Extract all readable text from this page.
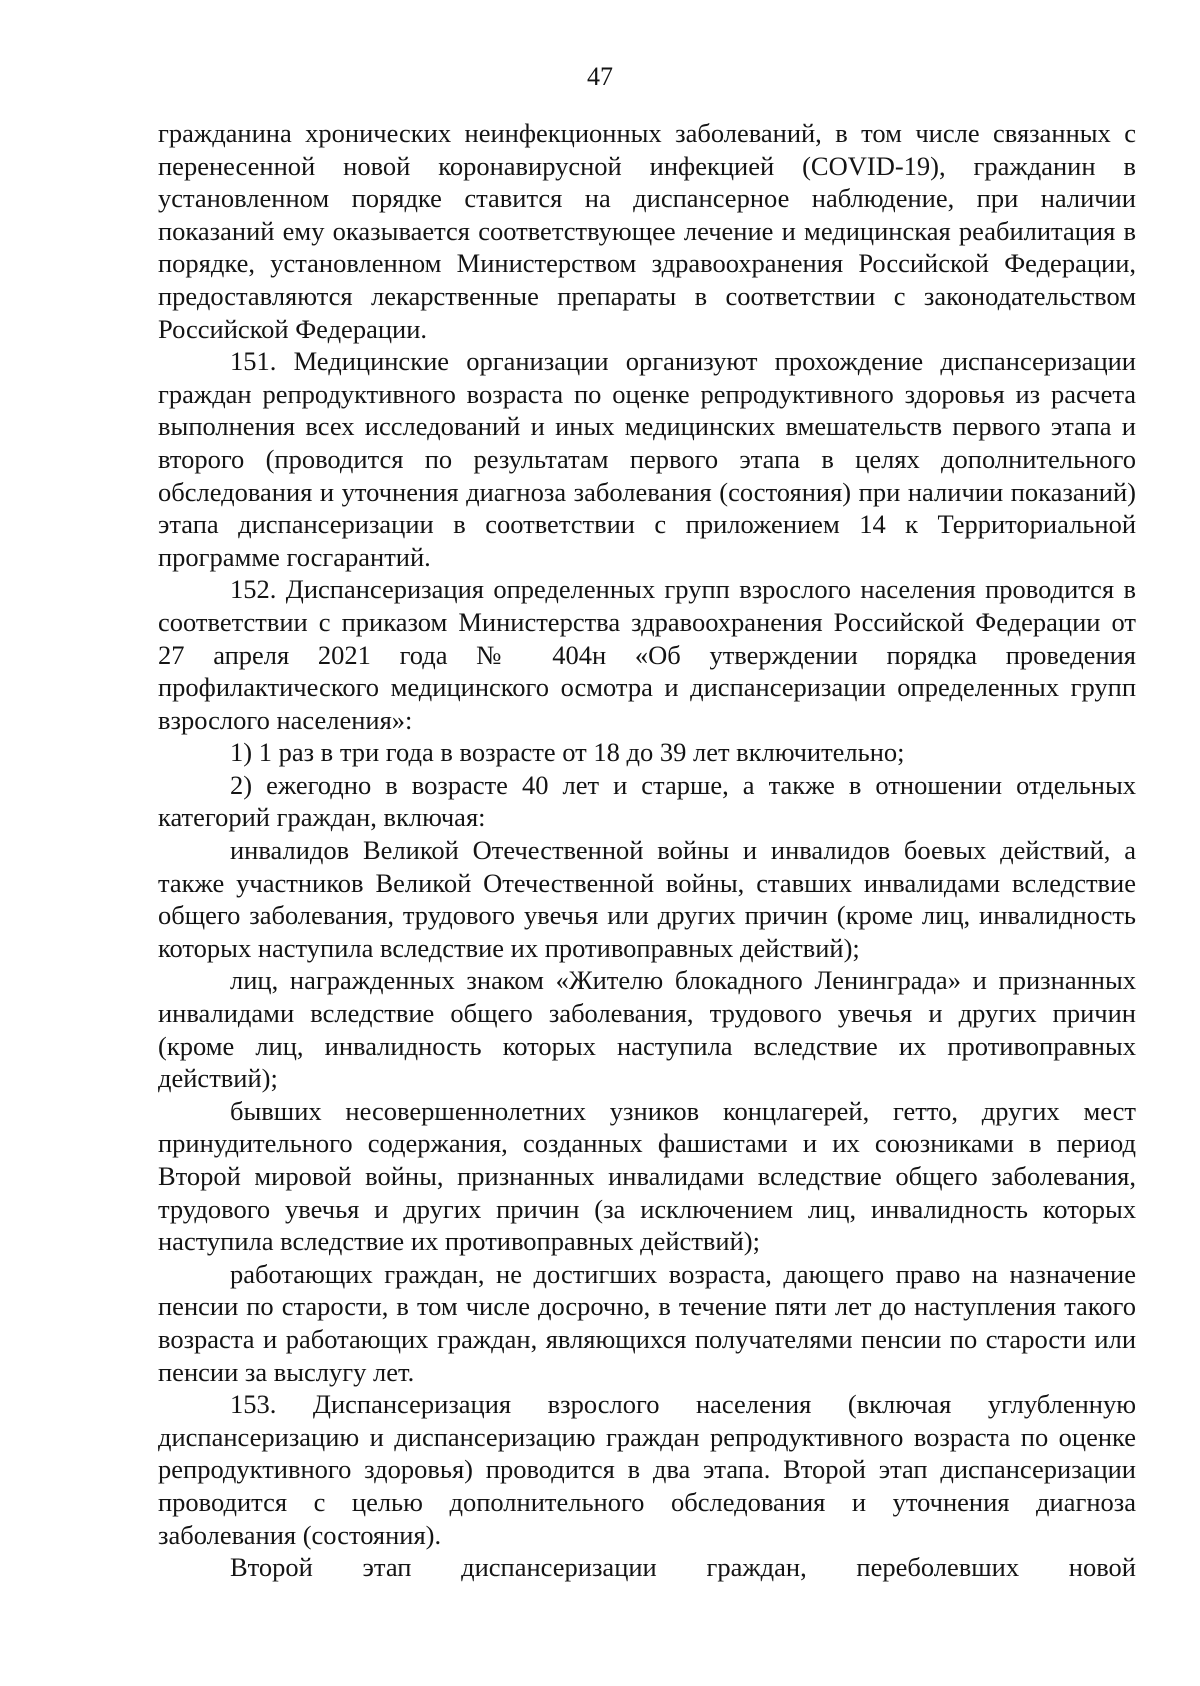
47

гражданина хронических неинфекционных заболеваний, в том числе связанных с перенесенной новой коронавирусной инфекцией (COVID-19), гражданин в установленном порядке ставится на диспансерное наблюдение, при наличии показаний ему оказывается соответствующее лечение и медицинская реабилитация в порядке, установленном Министерством здравоохранения Российской Федерации, предоставляются лекарственные препараты в соответствии с законодательством Российской Федерации.

151. Медицинские организации организуют прохождение диспансеризации граждан репродуктивного возраста по оценке репродуктивного здоровья из расчета выполнения всех исследований и иных медицинских вмешательств первого этапа и второго (проводится по результатам первого этапа в целях дополнительного обследования и уточнения диагноза заболевания (состояния) при наличии показаний) этапа диспансеризации в соответствии с приложением 14 к Территориальной программе госгарантий.

152. Диспансеризация определенных групп взрослого населения проводится в соответствии с приказом Министерства здравоохранения Российской Федерации от 27 апреля 2021 года № 404н «Об утверждении порядка проведения профилактического медицинского осмотра и диспансеризации определенных групп взрослого населения»:

1) 1 раз в три года в возрасте от 18 до 39 лет включительно;

2) ежегодно в возрасте 40 лет и старше, а также в отношении отдельных категорий граждан, включая:

инвалидов Великой Отечественной войны и инвалидов боевых действий, а также участников Великой Отечественной войны, ставших инвалидами вследствие общего заболевания, трудового увечья или других причин (кроме лиц, инвалидность которых наступила вследствие их противоправных действий);

лиц, награжденных знаком «Жителю блокадного Ленинграда» и признанных инвалидами вследствие общего заболевания, трудового увечья и других причин (кроме лиц, инвалидность которых наступила вследствие их противоправных действий);

бывших несовершеннолетних узников концлагерей, гетто, других мест принудительного содержания, созданных фашистами и их союзниками в период Второй мировой войны, признанных инвалидами вследствие общего заболевания, трудового увечья и других причин (за исключением лиц, инвалидность которых наступила вследствие их противоправных действий);

работающих граждан, не достигших возраста, дающего право на назначение пенсии по старости, в том числе досрочно, в течение пяти лет до наступления такого возраста и работающих граждан, являющихся получателями пенсии по старости или пенсии за выслугу лет.

153. Диспансеризация взрослого населения (включая углубленную диспансеризацию и диспансеризацию граждан репродуктивного возраста по оценке репродуктивного здоровья) проводится в два этапа. Второй этап диспансеризации проводится с целью дополнительного обследования и уточнения диагноза заболевания (состояния).

Второй этап диспансеризации граждан, переболевших новой
